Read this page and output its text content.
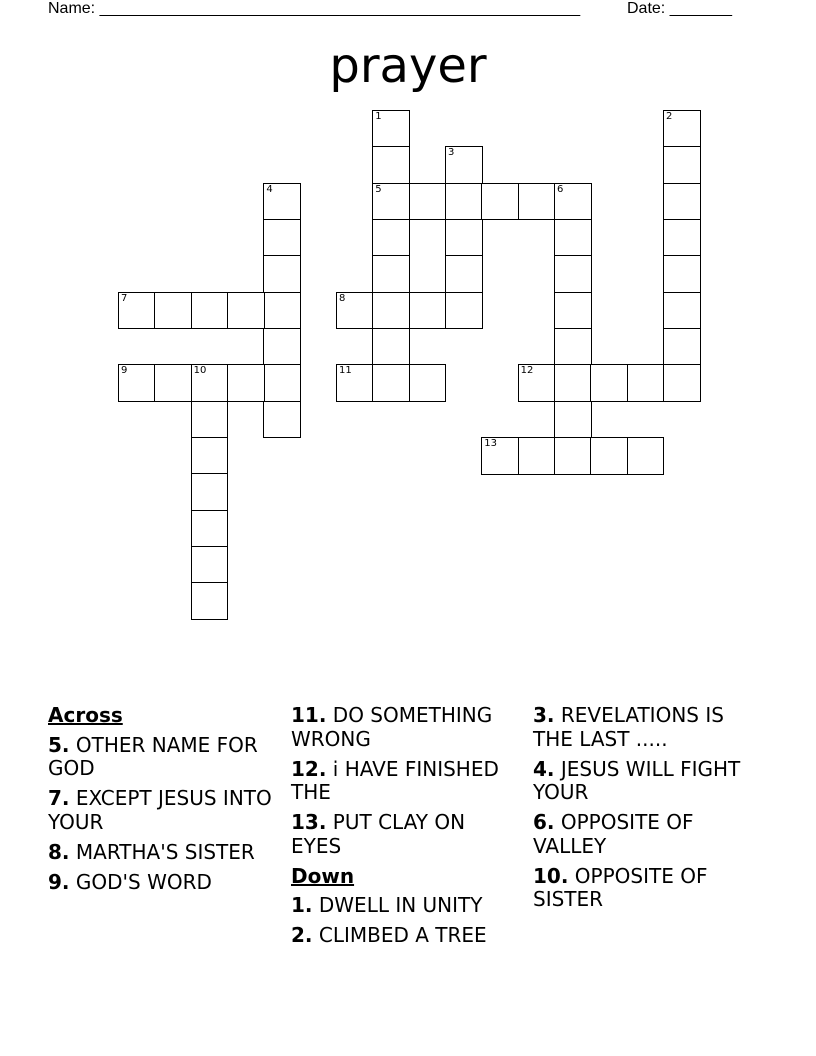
Name: ______________________________________________________	Date: _______
prayer
1
5
2
3
4	6
7	8
9	10	11	12
13
Across
5. OTHER NAME FOR GOD
7. EXCEPT JESUS INTO YOUR
8. MARTHA'S SISTER
9. GOD'S WORD
11. DO SOMETHING WRONG
12. i HAVE FINISHED THE
13. PUT CLAY ON EYES
Down
1. DWELL IN UNITY
2. CLIMBED A TREE
3. REVELATIONS IS THE LAST .....
4. JESUS WILL FIGHT YOUR
6. OPPOSITE OF VALLEY
10. OPPOSITE OF SISTER
